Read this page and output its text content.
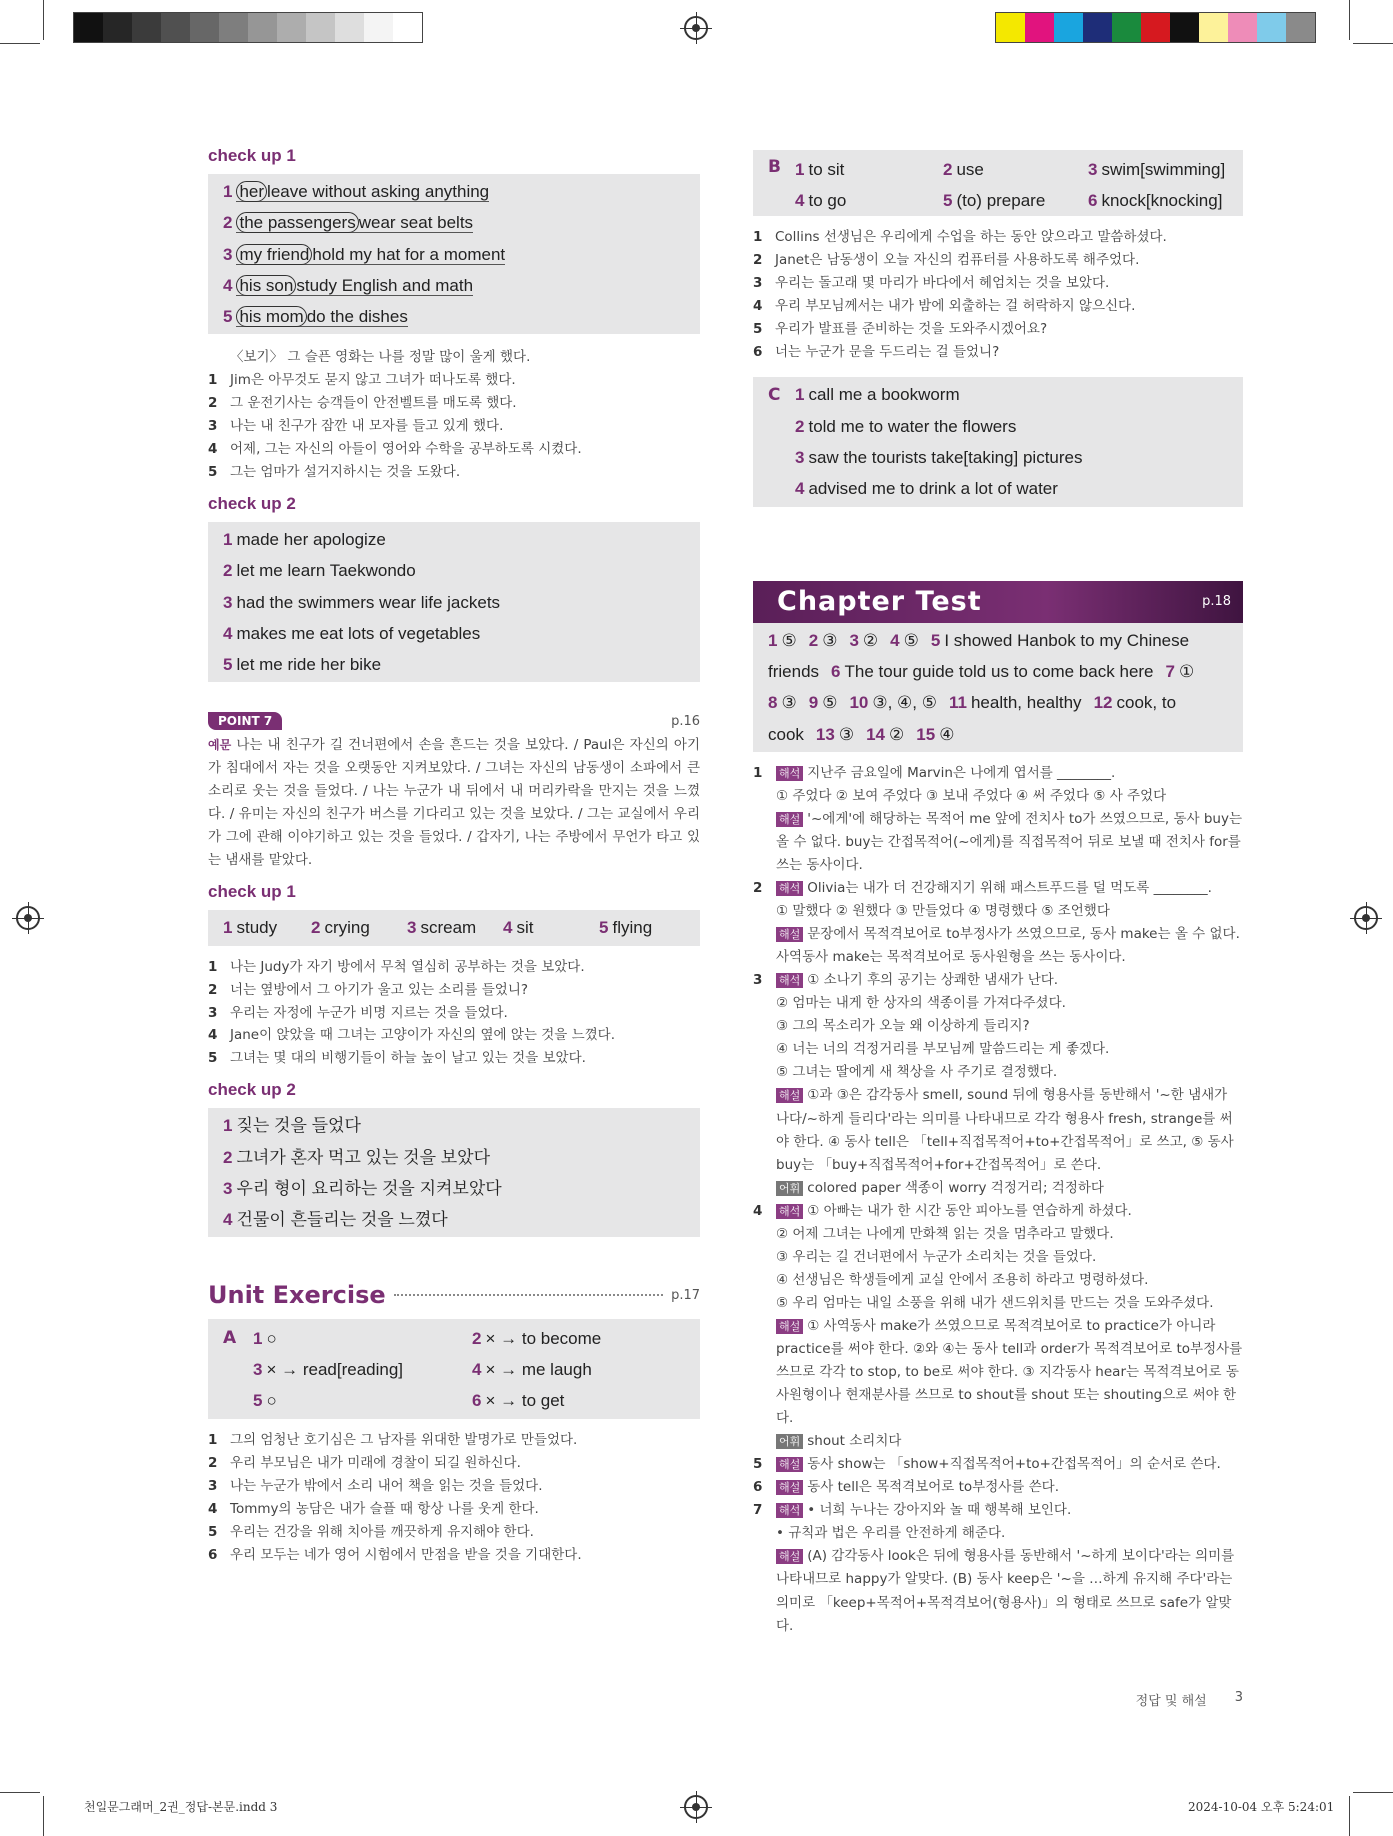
천일문그래머_2권_정답-본문.indd 3	2024-10-04 오후 5:24:01
check up 1
1 her leave without asking anything
2 the passengers wear seat belts
3 my friend hold my hat for a moment
4 his son study English and math
5 his mom do the dishes
〈보기〉 그 슬픈 영화는 나를 정말 많이 울게 했다.
1 Jim은 아무것도 묻지 않고 그녀가 떠나도록 했다.
2 그 운전기사는 승객들이 안전벨트를 매도록 했다.
3 나는 내 친구가 잠깐 내 모자를 들고 있게 했다.
4 어제, 그는 자신의 아들이 영어와 수학을 공부하도록 시켰다.
5 그는 엄마가 설거지하시는 것을 도왔다.
check up 2
1 made her apologize
2 let me learn Taekwondo
3 had the swimmers wear life jackets
4 makes me eat lots of vegetables
5 let me ride her bike
POINT 7	p.16
예문 나는 내 친구가 길 건너편에서 손을 흔드는 것을 보았다. / Paul은 자신의 아기가 침대에서 자는 것을 오랫동안 지켜보았다. / 그녀는 자신의 남동생이 소파에서 큰 소리로 웃는 것을 들었다. / 나는 누군가 내 뒤에서 내 머리카락을 만지는 것을 느꼈다. / 유미는 자신의 친구가 버스를 기다리고 있는 것을 보았다. / 그는 교실에서 우리가 그에 관해 이야기하고 있는 것을 들었다. / 갑자기, 나는 주방에서 무언가 타고 있는 냄새를 맡았다.
check up 1
1 study	2 crying	3 scream	4 sit	5 flying
1 나는 Judy가 자기 방에서 무척 열심히 공부하는 것을 보았다.
2 너는 옆방에서 그 아기가 울고 있는 소리를 들었니?
3 우리는 자정에 누군가 비명 지르는 것을 들었다.
4 Jane이 앉았을 때 그녀는 고양이가 자신의 옆에 앉는 것을 느꼈다.
5 그녀는 몇 대의 비행기들이 하늘 높이 날고 있는 것을 보았다.
check up 2
1 짖는 것을 들었다
2 그녀가 혼자 먹고 있는 것을 보았다
3 우리 형이 요리하는 것을 지켜보았다
4 건물이 흔들리는 것을 느꼈다
Unit Exercise	p.17
A 1 ○	2 × → to become
3 × → read[reading]	4 × → me laugh
5 ○	6 × → to get
1 그의 엄청난 호기심은 그 남자를 위대한 발명가로 만들었다.
2 우리 부모님은 내가 미래에 경찰이 되길 원하신다.
3 나는 누군가 밖에서 소리 내어 책을 읽는 것을 들었다.
4 Tommy의 농담은 내가 슬플 때 항상 나를 웃게 한다.
5 우리는 건강을 위해 치아를 깨끗하게 유지해야 한다.
6 우리 모두는 네가 영어 시험에서 만점을 받을 것을 기대한다.
B 1 to sit	2 use	3 swim[swimming]
4 to go	5 (to) prepare	6 knock[knocking]
1 Collins 선생님은 우리에게 수업을 하는 동안 앉으라고 말씀하셨다.
2 Janet은 남동생이 오늘 자신의 컴퓨터를 사용하도록 해주었다.
3 우리는 돌고래 몇 마리가 바다에서 헤엄치는 것을 보았다.
4 우리 부모님께서는 내가 밤에 외출하는 걸 허락하지 않으신다.
5 우리가 발표를 준비하는 것을 도와주시겠어요?
6 너는 누군가 문을 두드리는 걸 들었니?
C 1 call me a bookworm
2 told me to water the flowers
3 saw the tourists take[taking] pictures
4 advised me to drink a lot of water
Chapter Test	p.18
1 ⑤ 2 ③ 3 ② 4 ⑤ 5 I showed Hanbok to my Chinese
friends 6 The tour guide told us to come back here 7 ①
8 ③ 9 ⑤ 10 ③, ④, ⑤ 11 health, healthy 12 cook, to
cook 13 ③ 14 ② 15 ④
1	해석 지난주 금요일에 Marvin은 나에게 엽서를 ________.
① 주었다 ② 보여 주었다 ③ 보내 주었다 ④ 써 주었다 ⑤ 사 주었다
해설 '~에게'에 해당하는 목적어 me 앞에 전치사 to가 쓰였으므로, 동사 buy는 올 수 없다. buy는 간접목적어(~에게)를 직접목적어 뒤로 보낼 때 전치사 for를 쓰는 동사이다.
2	해석 Olivia는 내가 더 건강해지기 위해 패스트푸드를 덜 먹도록 ________.
① 말했다 ② 원했다 ③ 만들었다 ④ 명령했다 ⑤ 조언했다
해설 문장에서 목적격보어로 to부정사가 쓰였으므로, 동사 make는 올 수 없다. 사역동사 make는 목적격보어로 동사원형을 쓰는 동사이다.
3	해석 ① 소나기 후의 공기는 상쾌한 냄새가 난다.
② 엄마는 내게 한 상자의 색종이를 가져다주셨다.
③ 그의 목소리가 오늘 왜 이상하게 들리지?
④ 너는 너의 걱정거리를 부모님께 말씀드리는 게 좋겠다.
⑤ 그녀는 딸에게 새 책상을 사 주기로 결정했다.
해설 ①과 ③은 감각동사 smell, sound 뒤에 형용사를 동반해서 '~한 냄새가 나다/~하게 들리다'라는 의미를 나타내므로 각각 형용사 fresh, strange를 써야 한다. ④ 동사 tell은 「tell+직접목적어+to+간접목적어」로 쓰고, ⑤ 동사 buy는 「buy+직접목적어+for+간접목적어」로 쓴다.
어휘 colored paper 색종이 worry 걱정거리; 걱정하다
4	해석 ① 아빠는 내가 한 시간 동안 피아노를 연습하게 하셨다.
② 어제 그녀는 나에게 만화책 읽는 것을 멈추라고 말했다.
③ 우리는 길 건너편에서 누군가 소리치는 것을 들었다.
④ 선생님은 학생들에게 교실 안에서 조용히 하라고 명령하셨다.
⑤ 우리 엄마는 내일 소풍을 위해 내가 샌드위치를 만드는 것을 도와주셨다.
해설 ① 사역동사 make가 쓰였으므로 목적격보어로 to practice가 아니라 practice를 써야 한다. ②와 ④는 동사 tell과 order가 목적격보어로 to부정사를 쓰므로 각각 to stop, to be로 써야 한다. ③ 지각동사 hear는 목적격보어로 동사원형이나 현재분사를 쓰므로 to shout를 shout 또는 shouting으로 써야 한다.
어휘 shout 소리치다
5	해설 동사 show는 「show+직접목적어+to+간접목적어」의 순서로 쓴다.
6	해설 동사 tell은 목적격보어로 to부정사를 쓴다.
7	해석 • 너희 누나는 강아지와 놀 때 행복해 보인다.
• 규칙과 법은 우리를 안전하게 해준다.
해설 (A) 감각동사 look은 뒤에 형용사를 동반해서 '~하게 보이다'라는 의미를 나타내므로 happy가 알맞다. (B) 동사 keep은 '~을 …하게 유지해 주다'라는 의미로 「keep+목적어+목적격보어(형용사)」의 형태로 쓰므로 safe가 알맞다.
정답 및 해설 3
